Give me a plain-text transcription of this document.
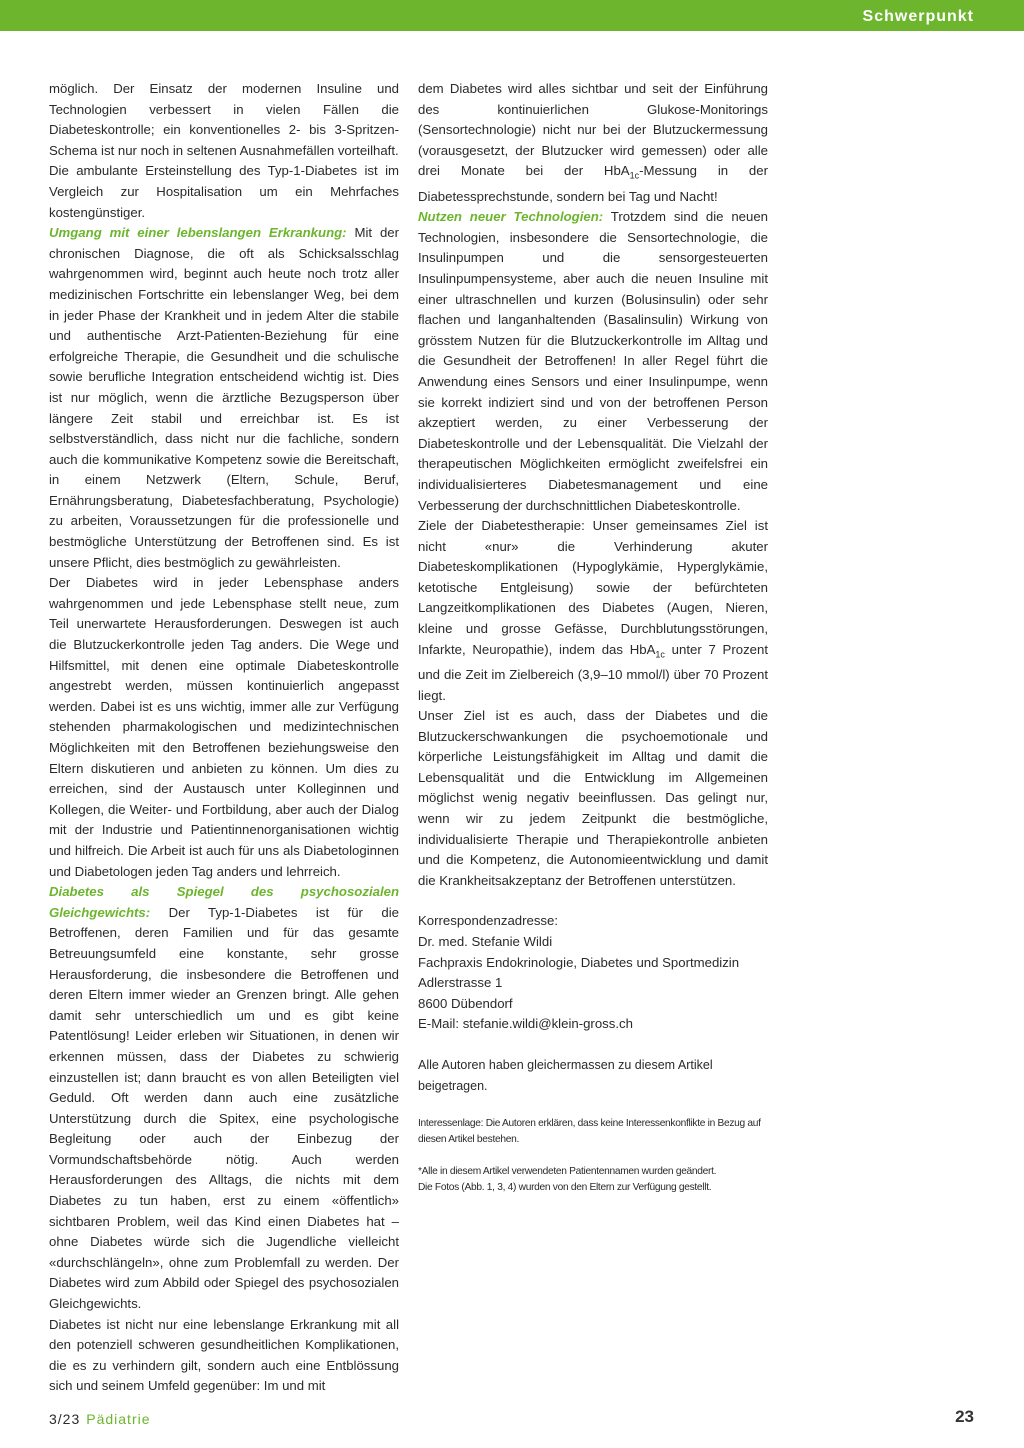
Schwerpunkt

möglich. Der Einsatz der modernen Insuline und Technologien verbessert in vielen Fällen die Diabeteskontrolle; ein konventionelles 2- bis 3-Spritzen-Schema ist nur noch in seltenen Ausnahmefällen vorteilhaft.

Die ambulante Ersteinstellung des Typ-1-Diabetes ist im Vergleich zur Hospitalisation um ein Mehrfaches kostengünstiger.

Umgang mit einer lebenslangen Erkrankung: Mit der chronischen Diagnose, die oft als Schicksalsschlag wahrgenommen wird, beginnt auch heute noch trotz aller medizinischen Fortschritte ein lebenslanger Weg, bei dem in jeder Phase der Krankheit und in jedem Alter die stabile und authentische Arzt-Patienten-Beziehung für eine erfolgreiche Therapie, die Gesundheit und die schulische sowie berufliche Integration entscheidend wichtig ist. Dies ist nur möglich, wenn die ärztliche Bezugsperson über längere Zeit stabil und erreichbar ist. Es ist selbstverständlich, dass nicht nur die fachliche, sondern auch die kommunikative Kompetenz sowie die Bereitschaft, in einem Netzwerk (Eltern, Schule, Beruf, Ernährungsberatung, Diabetesfachberatung, Psychologie) zu arbeiten, Voraussetzungen für die professionelle und bestmögliche Unterstützung der Betroffenen sind. Es ist unsere Pflicht, dies bestmöglich zu gewährleisten.

Der Diabetes wird in jeder Lebensphase anders wahrgenommen und jede Lebensphase stellt neue, zum Teil unerwartete Herausforderungen. Deswegen ist auch die Blutzuckerkontrolle jeden Tag anders. Die Wege und Hilfsmittel, mit denen eine optimale Diabeteskontrolle angestrebt werden, müssen kontinuierlich angepasst werden. Dabei ist es uns wichtig, immer alle zur Verfügung stehenden pharmakologischen und medizintechnischen Möglichkeiten mit den Betroffenen beziehungsweise den Eltern diskutieren und anbieten zu können. Um dies zu erreichen, sind der Austausch unter Kolleginnen und Kollegen, die Weiter- und Fortbildung, aber auch der Dialog mit der Industrie und Patientinnenorganisationen wichtig und hilfreich. Die Arbeit ist auch für uns als Diabetologinnen und Diabetologen jeden Tag anders und lehrreich.

Diabetes als Spiegel des psychosozialen Gleichgewichts: Der Typ-1-Diabetes ist für die Betroffenen, deren Familien und für das gesamte Betreuungsumfeld eine konstante, sehr grosse Herausforderung, die insbesondere die Betroffenen und deren Eltern immer wieder an Grenzen bringt. Alle gehen damit sehr unterschiedlich um und es gibt keine Patentlösung! Leider erleben wir Situationen, in denen wir erkennen müssen, dass der Diabetes zu schwierig einzustellen ist; dann braucht es von allen Beteiligten viel Geduld. Oft werden dann auch eine zusätzliche Unterstützung durch die Spitex, eine psychologische Begleitung oder auch der Einbezug der Vormundschaftsbehörde nötig. Auch werden Herausforderungen des Alltags, die nichts mit dem Diabetes zu tun haben, erst zu einem «öffentlich» sichtbaren Problem, weil das Kind einen Diabetes hat – ohne Diabetes würde sich die Jugendliche vielleicht «durchschlängeln», ohne zum Problemfall zu werden. Der Diabetes wird zum Abbild oder Spiegel des psychosozialen Gleichgewichts.

Diabetes ist nicht nur eine lebenslange Erkrankung mit all den potenziell schweren gesundheitlichen Komplikationen, die es zu verhindern gilt, sondern auch eine Entblössung sich und seinem Umfeld gegenüber: Im und mit

dem Diabetes wird alles sichtbar und seit der Einführung des kontinuierlichen Glukose-Monitorings (Sensortechnologie) nicht nur bei der Blutzuckermessung (vorausgesetzt, der Blutzucker wird gemessen) oder alle drei Monate bei der HbA$_{1c}$-Messung in der Diabetessprechstunde, sondern bei Tag und Nacht!

Nutzen neuer Technologien: Trotzdem sind die neuen Technologien, insbesondere die Sensortechnologie, die Insulinpumpen und die sensorgesteuerten Insulinpumpensysteme, aber auch die neuen Insuline mit einer ultraschnellen und kurzen (Bolusinsulin) oder sehr flachen und langanhaltenden (Basalinsulin) Wirkung von grösstem Nutzen für die Blutzuckerkontrolle im Alltag und die Gesundheit der Betroffenen! In aller Regel führt die Anwendung eines Sensors und einer Insulinpumpe, wenn sie korrekt indiziert sind und von der betroffenen Person akzeptiert werden, zu einer Verbesserung der Diabeteskontrolle und der Lebensqualität. Die Vielzahl der therapeutischen Möglichkeiten ermöglicht zweifelsfrei ein individualisierteres Diabetesmanagement und eine Verbesserung der durchschnittlichen Diabeteskontrolle.

Ziele der Diabetestherapie: Unser gemeinsames Ziel ist nicht «nur» die Verhinderung akuter Diabeteskomplikationen (Hypoglykämie, Hyperglykämie, ketotische Entgleisung) sowie der befürchteten Langzeitkomplikationen des Diabetes (Augen, Nieren, kleine und grosse Gefässe, Durchblutungsstörungen, Infarkte, Neuropathie), indem das HbA$_{1c}$ unter 7 Prozent und die Zeit im Zielbereich (3,9–10 mmol/l) über 70 Prozent liegt.

Unser Ziel ist es auch, dass der Diabetes und die Blutzuckerschwankungen die psychoemotionale und körperliche Leistungsfähigkeit im Alltag und damit die Lebensqualität und die Entwicklung im Allgemeinen möglichst wenig negativ beeinflussen. Das gelingt nur, wenn wir zu jedem Zeitpunkt die bestmögliche, individualisierte Therapie und Therapiekontrolle anbieten und die Kompetenz, die Autonomieentwicklung und damit die Krankheitsakzeptanz der Betroffenen unterstützen.

Korrespondenzadresse:
Dr. med. Stefanie Wildi
Fachpraxis Endokrinologie, Diabetes und Sportmedizin
Adlerstrasse 1
8600 Dübendorf
E-Mail: stefanie.wildi@klein-gross.ch

Alle Autoren haben gleichermassen zu diesem Artikel beigetragen.

Interessenlage: Die Autoren erklären, dass keine Interessenkonflikte in Bezug auf diesen Artikel bestehen.

*Alle in diesem Artikel verwendeten Patientennamen wurden geändert.
Die Fotos (Abb. 1, 3, 4) wurden von den Eltern zur Verfügung gestellt.

3/23 Pädiatrie	23
